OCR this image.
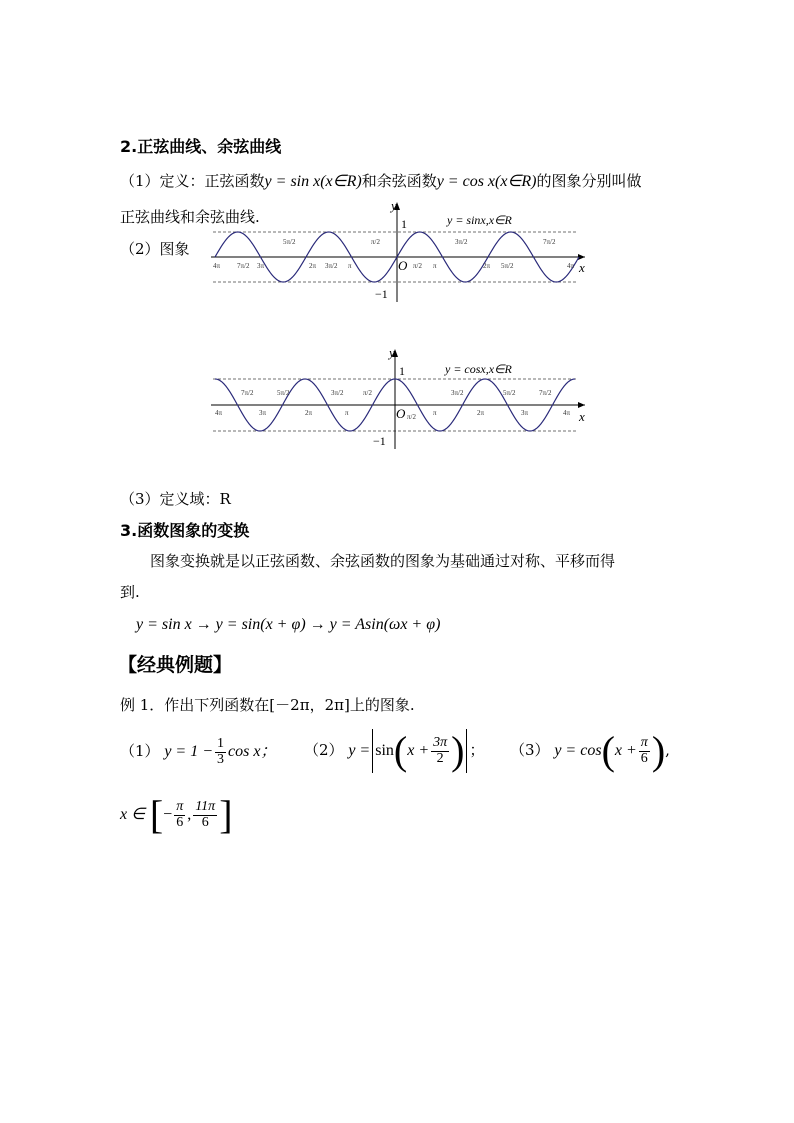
2.正弦曲线、余弦曲线
（1）定义：正弦函数y = sin x(x∈R)和余弦函数y = cos x(x∈R)的图象分别叫做
正弦曲线和余弦曲线.
（2）图象
y
x
1
−1
O
y = sinx,x∈R
5π/2	π/2	3π/2	7π/2
4π 7π/2 3π	3π/2
2π	π	π/2 π	2π 5π/2	4π
y
x
1
−1
O
y = cosx,x∈R
7π/2	5π/2	3π/2	π/2	3π/2	5π/2	7π/2
4π	3π	2π	π	π/2 π	2π	3π	4π
（3）定义域：R
3.函数图象的变换
图象变换就是以正弦函数、余弦函数的图象为基础通过对称、平移而得
到.
y = sin x → y = sin(x + φ) → y = Asin(ωx + φ)
【经典例题】
例 1．作出下列函数在[－2π，2π]上的图象.
（1） $y = 1 - \frac{1}{3}$ cos x； （2） $y = \sin(x + \frac{3\pi}{2}$ ) ； （3） $y = \cos(x + \frac{\pi}{6}$ ),
x ∈ [− $\frac{\pi}{6}$ , $\frac{11\pi}{6}$ ]
